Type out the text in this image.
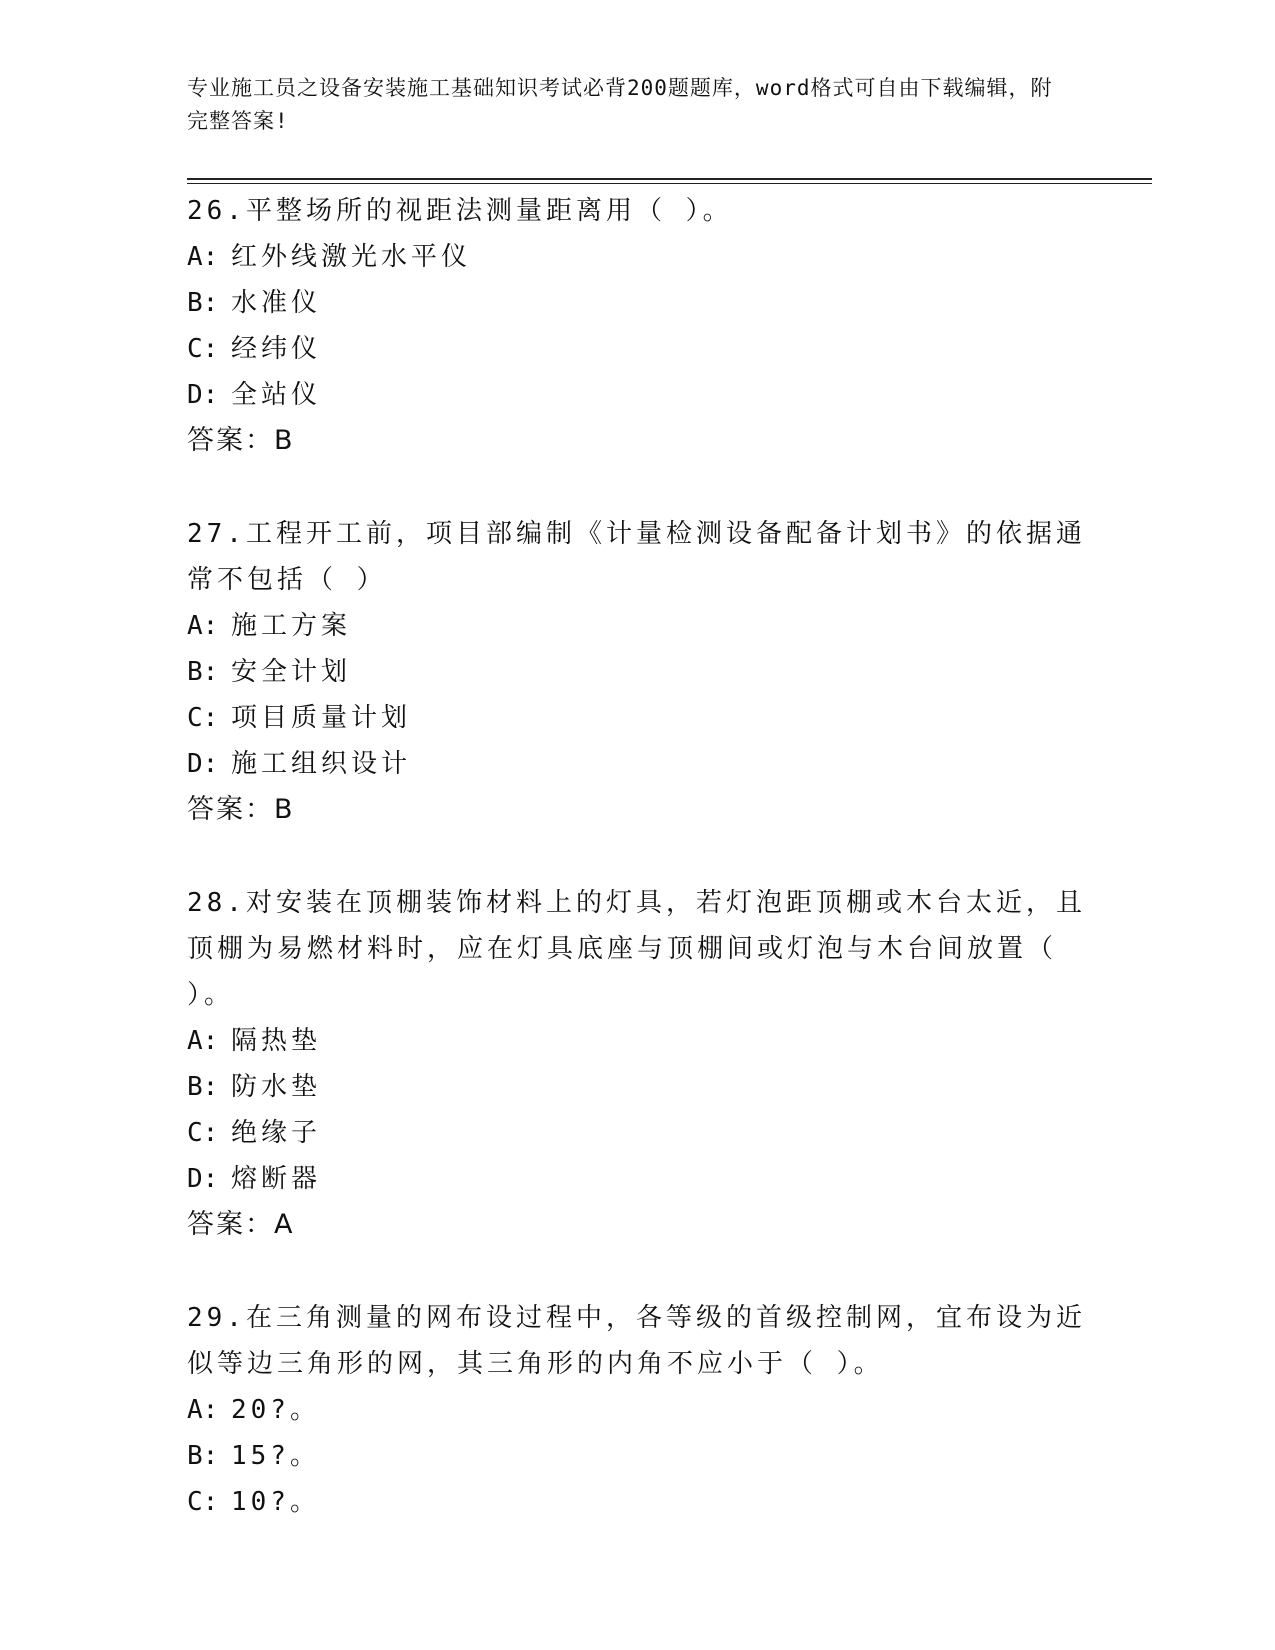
专业施工员之设备安装施工基础知识考试必背200题题库，word格式可自由下载编辑，附完整答案!
26.平整场所的视距法测量距离用（ ）。
A: 红外线激光水平仪
B: 水准仪
C: 经纬仪
D: 全站仪
答案：B
27.工程开工前，项目部编制《计量检测设备配备计划书》的依据通常不包括（ ）
A: 施工方案
B: 安全计划
C: 项目质量计划
D: 施工组织设计
答案：B
28.对安装在顶棚装饰材料上的灯具，若灯泡距顶棚或木台太近，且顶棚为易燃材料时，应在灯具底座与顶棚间或灯泡与木台间放置（ ）。
A: 隔热垫
B: 防水垫
C: 绝缘子
D: 熔断器
答案：A
29.在三角测量的网布设过程中，各等级的首级控制网，宜布设为近似等边三角形的网，其三角形的内角不应小于（ ）。
A: 20?。
B: 15?。
C: 10?。
